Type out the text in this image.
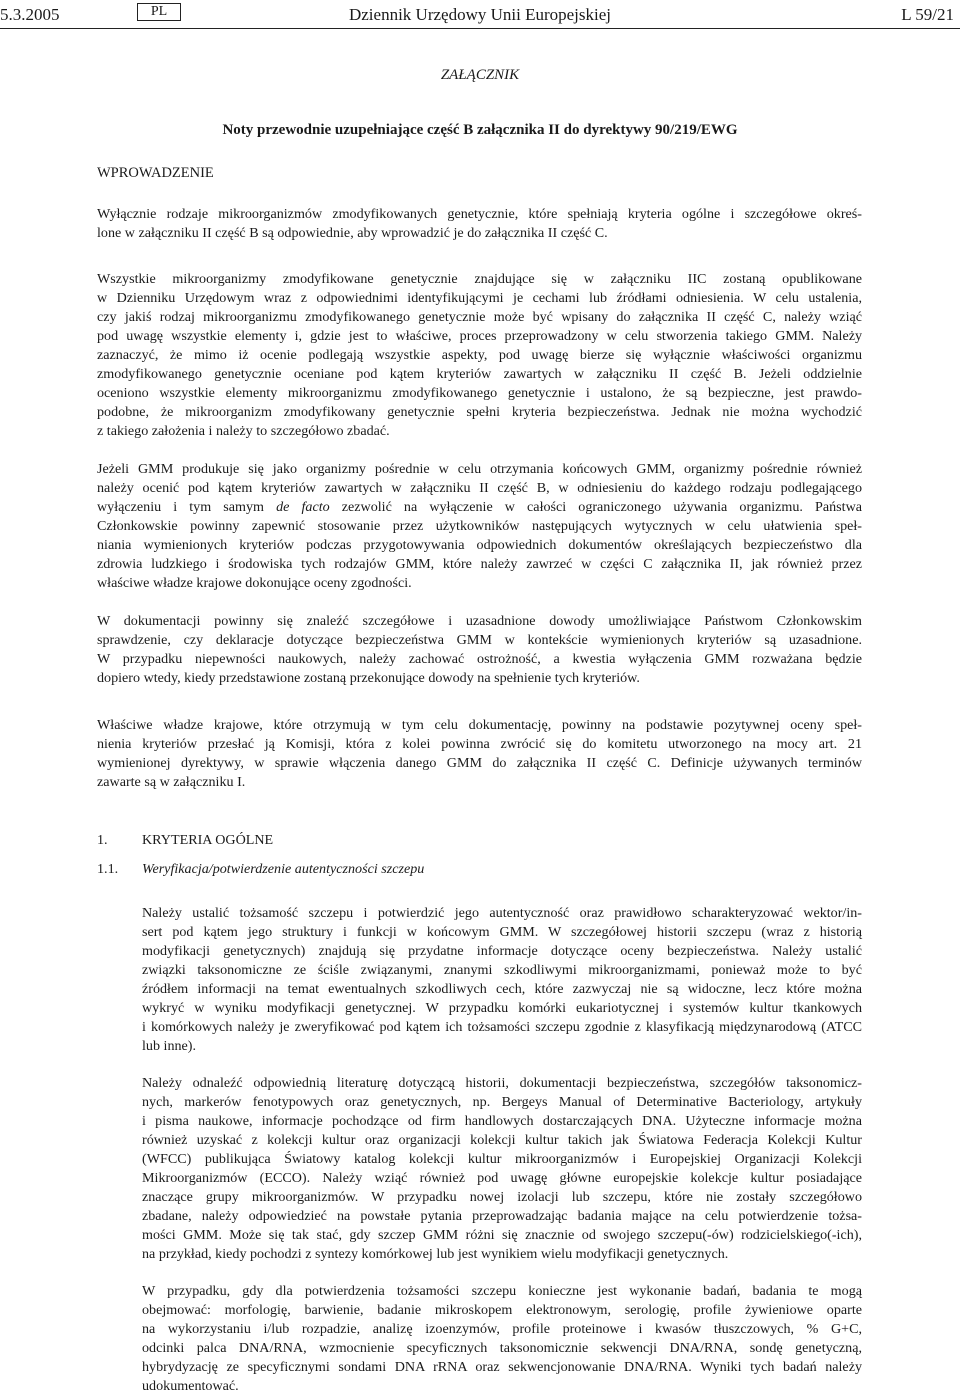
5.3.2005	PL	Dziennik Urzędowy Unii Europejskiej	L 59/21
ZAŁĄCZNIK
Noty przewodnie uzupełniające część B załącznika II do dyrektywy 90/219/EWG
WPROWADZENIE
Wyłącznie rodzaje mikroorganizmów zmodyfikowanych genetycznie, które spełniają kryteria ogólne i szczegółowe okreś-
lone w załączniku II część B są odpowiednie, aby wprowadzić je do załącznika II część C.
Wszystkie mikroorganizmy zmodyfikowane genetycznie znajdujące się w załączniku IIC zostaną opublikowane
w Dzienniku Urzędowym wraz z odpowiednimi identyfikującymi je cechami lub źródłami odniesienia. W celu ustalenia,
czy jakiś rodzaj mikroorganizmu zmodyfikowanego genetycznie może być wpisany do załącznika II część C, należy wziąć
pod uwagę wszystkie elementy i, gdzie jest to właściwe, proces przeprowadzony w celu stworzenia takiego GMM. Należy
zaznaczyć, że mimo iż ocenie podlegają wszystkie aspekty, pod uwagę bierze się wyłącznie właściwości organizmu
zmodyfikowanego genetycznie oceniane pod kątem kryteriów zawartych w załączniku II część B. Jeżeli oddzielnie
oceniono wszystkie elementy mikroorganizmu zmodyfikowanego genetycznie i ustalono, że są bezpieczne, jest prawdo-
podobne, że mikroorganizm zmodyfikowany genetycznie spełni kryteria bezpieczeństwa. Jednak nie można wychodzić
z takiego założenia i należy to szczegółowo zbadać.
Jeżeli GMM produkuje się jako organizmy pośrednie w celu otrzymania końcowych GMM, organizmy pośrednie również
należy ocenić pod kątem kryteriów zawartych w załączniku II część B, w odniesieniu do każdego rodzaju podlegającego
wyłączeniu i tym samym de facto zezwolić na wyłączenie w całości ograniczonego używania organizmu. Państwa
Członkowskie powinny zapewnić stosowanie przez użytkowników następujących wytycznych w celu ułatwienia speł-
niania wymienionych kryteriów podczas przygotowywania odpowiednich dokumentów określających bezpieczeństwo dla
zdrowia ludzkiego i środowiska tych rodzajów GMM, które należy zawrzeć w części C załącznika II, jak również przez
właściwe władze krajowe dokonujące oceny zgodności.
W dokumentacji powinny się znaleźć szczegółowe i uzasadnione dowody umożliwiające Państwom Członkowskim
sprawdzenie, czy deklaracje dotyczące bezpieczeństwa GMM w kontekście wymienionych kryteriów są uzasadnione.
W przypadku niepewności naukowych, należy zachować ostrożność, a kwestia wyłączenia GMM rozważana będzie
dopiero wtedy, kiedy przedstawione zostaną przekonujące dowody na spełnienie tych kryteriów.
Właściwe władze krajowe, które otrzymują w tym celu dokumentację, powinny na podstawie pozytywnej oceny speł-
nienia kryteriów przesłać ją Komisji, która z kolei powinna zwrócić się do komitetu utworzonego na mocy art. 21
wymienionej dyrektywy, w sprawie włączenia danego GMM do załącznika II część C. Definicje używanych terminów
zawarte są w załączniku I.
1. KRYTERIA OGÓLNE
1.1. Weryfikacja/potwierdzenie autentyczności szczepu
Należy ustalić tożsamość szczepu i potwierdzić jego autentyczność oraz prawidłowo scharakteryzować wektor/in-
sert pod kątem jego struktury i funkcji w końcowym GMM. W szczegółowej historii szczepu (wraz z historią
modyfikacji genetycznych) znajdują się przydatne informacje dotyczące oceny bezpieczeństwa. Należy ustalić
związki taksonomiczne ze ściśle związanymi, znanymi szkodliwymi mikroorganizmami, ponieważ może to być
źródłem informacji na temat ewentualnych szkodliwych cech, które zazwyczaj nie są widoczne, lecz które można
wykryć w wyniku modyfikacji genetycznej. W przypadku komórki eukariotycznej i systemów kultur tkankowych
i komórkowych należy je zweryfikować pod kątem ich tożsamości szczepu zgodnie z klasyfikacją międzynarodową (ATCC
lub inne).
Należy odnaleźć odpowiednią literaturę dotyczącą historii, dokumentacji bezpieczeństwa, szczegółów taksonomicz-
nych, markerów fenotypowych oraz genetycznych, np. Bergeys Manual of Determinative Bacteriology, artykuły
i pisma naukowe, informacje pochodzące od firm handlowych dostarczających DNA. Użyteczne informacje można
również uzyskać z kolekcji kultur oraz organizacji kolekcji kultur takich jak Światowa Federacja Kolekcji Kultur
(WFCC) publikująca Światowy katalog kolekcji kultur mikroorganizmów i Europejskiej Organizacji Kolekcji
Mikroorganizmów (ECCO). Należy wziąć również pod uwagę główne europejskie kolekcje kultur posiadające
znaczące grupy mikroorganizmów. W przypadku nowej izolacji lub szczepu, które nie zostały szczegółowo
zbadane, należy odpowiedzieć na powstałe pytania przeprowadzając badania mające na celu potwierdzenie tożsa-
mości GMM. Może się tak stać, gdy szczep GMM różni się znacznie od swojego szczepu(-ów) rodzicielskiego(-ich),
na przykład, kiedy pochodzi z syntezy komórkowej lub jest wynikiem wielu modyfikacji genetycznych.
W przypadku, gdy dla potwierdzenia tożsamości szczepu konieczne jest wykonanie badań, badania te mogą
obejmować: morfologię, barwienie, badanie mikroskopem elektronowym, serologię, profile żywieniowe oparte
na wykorzystaniu i/lub rozpadzie, analizę izoenzymów, profile proteinowe i kwasów tłuszczowych, % G+C,
odcinki palca DNA/RNA, wzmocnienie specyficznych taksonomicznie sekwencji DNA/RNA, sondę genetyczną,
hybrydyzację ze specyficznymi sondami DNA rRNA oraz sekwencjonowanie DNA/RNA. Wyniki tych badań należy
udokumentować.
